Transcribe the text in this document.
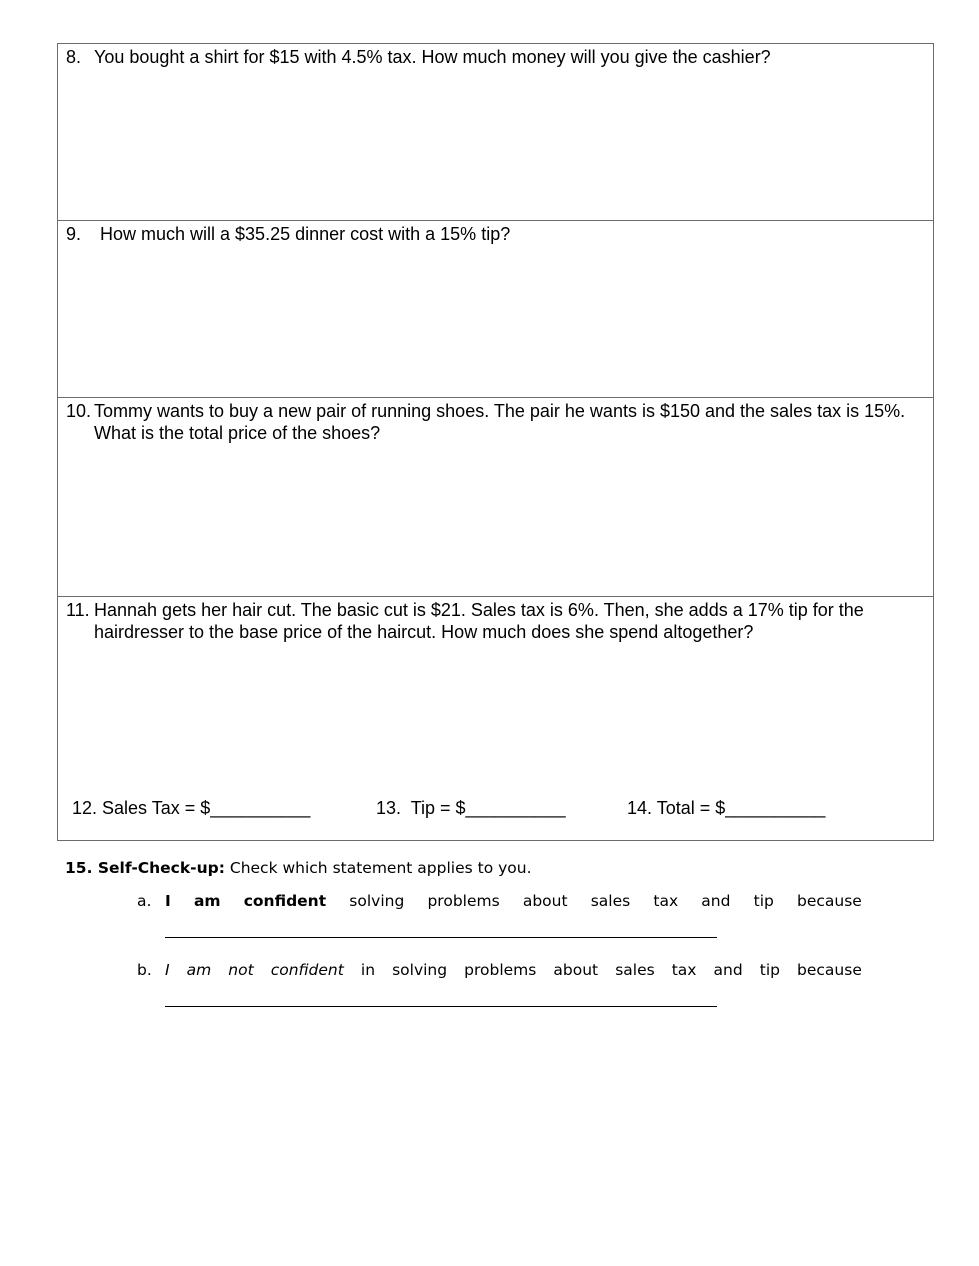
8. You bought a shirt for $15 with 4.5% tax. How much money will you give the cashier?
9.	How much will a $35.25 dinner cost with a 15% tip?
10. Tommy wants to buy a new pair of running shoes. The pair he wants is $150 and the sales tax is 15%. What is the total price of the shoes?
11. Hannah gets her hair cut. The basic cut is $21. Sales tax is 6%. Then, she adds a 17% tip for the hairdresser to the base price of the haircut. How much does she spend altogether?

12. Sales Tax = $__________

	13.  Tip = $__________

	14. Total = $__________

15. Self-Check-up: Check which statement applies to you.
a. I am confident solving problems about sales tax and tip because
b. I am not confident in solving problems about sales tax and tip because
